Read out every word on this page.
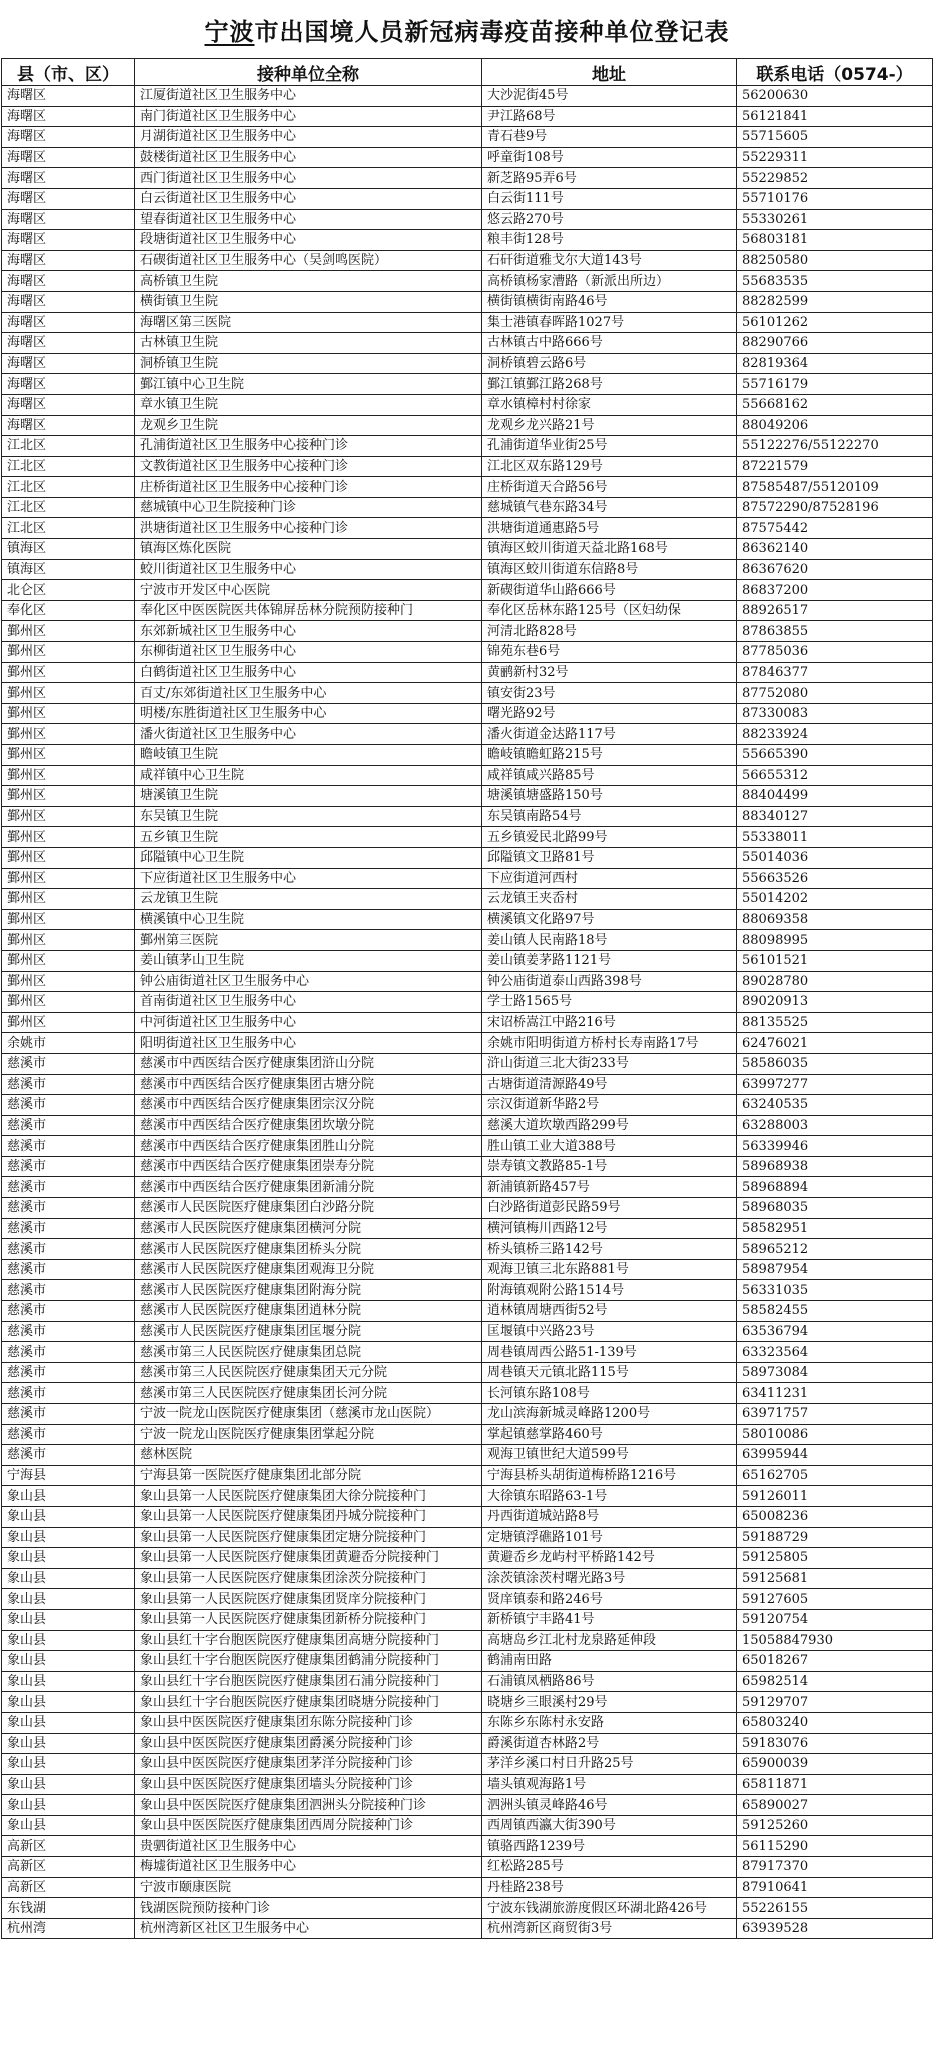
宁波 市出国境人员新冠病毒疫苗接种单位登记表
县（市、区）	接种单位全称	地址	联系电话（0574-）
海曙区	江厦街道社区卫生服务中心	大沙泥街45号	56200630
海曙区	南门街道社区卫生服务中心	尹江路68号	56121841
海曙区	月湖街道社区卫生服务中心	青石巷9号	55715605
海曙区	鼓楼街道社区卫生服务中心	呼童街108号	55229311
海曙区	西门街道社区卫生服务中心	新芝路95弄6号	55229852
海曙区	白云街道社区卫生服务中心	白云街111号	55710176
海曙区	望春街道社区卫生服务中心	悠云路270号	55330261
海曙区	段塘街道社区卫生服务中心	粮丰街128号	56803181
海曙区	石碶街道社区卫生服务中心（吴剑鸣医院）	石矸街道雅戈尔大道143号	88250580
海曙区	高桥镇卫生院	高桥镇杨家漕路（新派出所边）	55683535
海曙区	横街镇卫生院	横街镇横街南路46号	88282599
海曙区	海曙区第三医院	集士港镇春晖路1027号	56101262
海曙区	古林镇卫生院	古林镇古中路666号	88290766
海曙区	洞桥镇卫生院	洞桥镇碧云路6号	82819364
海曙区	鄞江镇中心卫生院	鄞江镇鄞江路268号	55716179
海曙区	章水镇卫生院	章水镇樟村村徐家	55668162
海曙区	龙观乡卫生院	龙观乡龙兴路21号	88049206
江北区	孔浦街道社区卫生服务中心接种门诊	孔浦街道华业街25号	55122276/55122270
江北区	文教街道社区卫生服务中心接种门诊	江北区双东路129号	87221579
江北区	庄桥街道社区卫生服务中心接种门诊	庄桥街道天合路56号	87585487/55120109
江北区	慈城镇中心卫生院接种门诊	慈城镇气巷东路34号	87572290/87528196
江北区	洪塘街道社区卫生服务中心接种门诊	洪塘街道通惠路5号	87575442
镇海区	镇海区炼化医院	镇海区蛟川街道天益北路168号	86362140
镇海区	蛟川街道社区卫生服务中心	镇海区蛟川街道东信路8号	86367620
北仑区	宁波市开发区中心医院	新碶街道华山路666号	86837200
奉化区	奉化区中医医院医共体锦屏岳林分院预防接种门	奉化区岳林东路125号（区妇幼保	88926517
鄞州区	东郊新城社区卫生服务中心	河清北路828号	87863855
鄞州区	东柳街道社区卫生服务中心	锦苑东巷6号	87785036
鄞州区	白鹤街道社区卫生服务中心	黄鹂新村32号	87846377
鄞州区	百丈/东郊街道社区卫生服务中心	镇安街23号	87752080
鄞州区	明楼/东胜街道社区卫生服务中心	曙光路92号	87330083
鄞州区	潘火街道社区卫生服务中心	潘火街道金达路117号	88233924
鄞州区	瞻岐镇卫生院	瞻岐镇瞻虹路215号	55665390
鄞州区	咸祥镇中心卫生院	咸祥镇咸兴路85号	56655312
鄞州区	塘溪镇卫生院	塘溪镇塘盛路150号	88404499
鄞州区	东吴镇卫生院	东吴镇南路54号	88340127
鄞州区	五乡镇卫生院	五乡镇爱民北路99号	55338011
鄞州区	邱隘镇中心卫生院	邱隘镇文卫路81号	55014036
鄞州区	下应街道社区卫生服务中心	下应街道河西村	55663526
鄞州区	云龙镇卫生院	云龙镇王夹岙村	55014202
鄞州区	横溪镇中心卫生院	横溪镇文化路97号	88069358
鄞州区	鄞州第三医院	姜山镇人民南路18号	88098995
鄞州区	姜山镇茅山卫生院	姜山镇姜茅路1121号	56101521
鄞州区	钟公庙街道社区卫生服务中心	钟公庙街道泰山西路398号	89028780
鄞州区	首南街道社区卫生服务中心	学士路1565号	89020913
鄞州区	中河街道社区卫生服务中心	宋诏桥嵩江中路216号	88135525
余姚市	阳明街道社区卫生服务中心	余姚市阳明街道方桥村长寿南路17号	62476021
慈溪市	慈溪市中西医结合医疗健康集团浒山分院	浒山街道三北大街233号	58586035
慈溪市	慈溪市中西医结合医疗健康集团古塘分院	古塘街道清源路49号	63997277
慈溪市	慈溪市中西医结合医疗健康集团宗汉分院	宗汉街道新华路2号	63240535
慈溪市	慈溪市中西医结合医疗健康集团坎墩分院	慈溪大道坎墩西路299号	63288003
慈溪市	慈溪市中西医结合医疗健康集团胜山分院	胜山镇工业大道388号	56339946
慈溪市	慈溪市中西医结合医疗健康集团崇寿分院	崇寿镇文教路85-1号	58968938
慈溪市	慈溪市中西医结合医疗健康集团新浦分院	新浦镇新路457号	58968894
慈溪市	慈溪市人民医院医疗健康集团白沙路分院	白沙路街道彭民路59号	58968035
慈溪市	慈溪市人民医院医疗健康集团横河分院	横河镇梅川西路12号	58582951
慈溪市	慈溪市人民医院医疗健康集团桥头分院	桥头镇桥三路142号	58965212
慈溪市	慈溪市人民医院医疗健康集团观海卫分院	观海卫镇三北东路881号	58987954
慈溪市	慈溪市人民医院医疗健康集团附海分院	附海镇观附公路1514号	56331035
慈溪市	慈溪市人民医院医疗健康集团逍林分院	逍林镇周塘西街52号	58582455
慈溪市	慈溪市人民医院医疗健康集团匡堰分院	匡堰镇中兴路23号	63536794
慈溪市	慈溪市第三人民医院医疗健康集团总院	周巷镇周西公路51-139号	63323564
慈溪市	慈溪市第三人民医院医疗健康集团天元分院	周巷镇天元镇北路115号	58973084
慈溪市	慈溪市第三人民医院医疗健康集团长河分院	长河镇东路108号	63411231
慈溪市	宁波一院龙山医院医疗健康集团（慈溪市龙山医院）	龙山滨海新城灵峰路1200号	63971757
慈溪市	宁波一院龙山医院医疗健康集团掌起分院	掌起镇慈掌路460号	58010086
慈溪市	慈林医院	观海卫镇世纪大道599号	63995944
宁海县	宁海县第一医院医疗健康集团北部分院	宁海县桥头胡街道梅桥路1216号	65162705
象山县	象山县第一人民医院医疗健康集团大徐分院接种门	大徐镇东昭路63-1号	59126011
象山县	象山县第一人民医院医疗健康集团丹城分院接种门	丹西街道城站路8号	65008236
象山县	象山县第一人民医院医疗健康集团定塘分院接种门	定塘镇浮礁路101号	59188729
象山县	象山县第一人民医院医疗健康集团黄避岙分院接种门	黄避岙乡龙屿村平桥路142号	59125805
象山县	象山县第一人民医院医疗健康集团涂茨分院接种门	涂茨镇涂茨村曙光路3号	59125681
象山县	象山县第一人民医院医疗健康集团贤庠分院接种门	贤庠镇泰和路246号	59127605
象山县	象山县第一人民医院医疗健康集团新桥分院接种门	新桥镇宁丰路41号	59120754
象山县	象山县红十字台胞医院医疗健康集团高塘分院接种门	高塘岛乡江北村龙泉路延伸段	15058847930
象山县	象山县红十字台胞医院医疗健康集团鹤浦分院接种门	鹤浦南田路	65018267
象山县	象山县红十字台胞医院医疗健康集团石浦分院接种门	石浦镇凤栖路86号	65982514
象山县	象山县红十字台胞医院医疗健康集团晓塘分院接种门	晓塘乡三眼溪村29号	59129707
象山县	象山县中医医院医疗健康集团东陈分院接种门诊	东陈乡东陈村永安路	65803240
象山县	象山县中医医院医疗健康集团爵溪分院接种门诊	爵溪街道杏林路2号	59183076
象山县	象山县中医医院医疗健康集团茅洋分院接种门诊	茅洋乡溪口村日升路25号	65900039
象山县	象山县中医医院医疗健康集团墙头分院接种门诊	墙头镇观海路1号	65811871
象山县	象山县中医医院医疗健康集团泗洲头分院接种门诊	泗洲头镇灵峰路46号	65890027
象山县	象山县中医医院医疗健康集团西周分院接种门诊	西周镇西瀛大街390号	59125260
高新区	贵驷街道社区卫生服务中心	镇骆西路1239号	56115290
高新区	梅墟街道社区卫生服务中心	红松路285号	87917370
高新区	宁波市颐康医院	丹桂路238号	87910641
东钱湖	钱湖医院预防接种门诊	宁波东钱湖旅游度假区环湖北路426号	55226155
杭州湾	杭州湾新区社区卫生服务中心	杭州湾新区商贸街3号	63939528
